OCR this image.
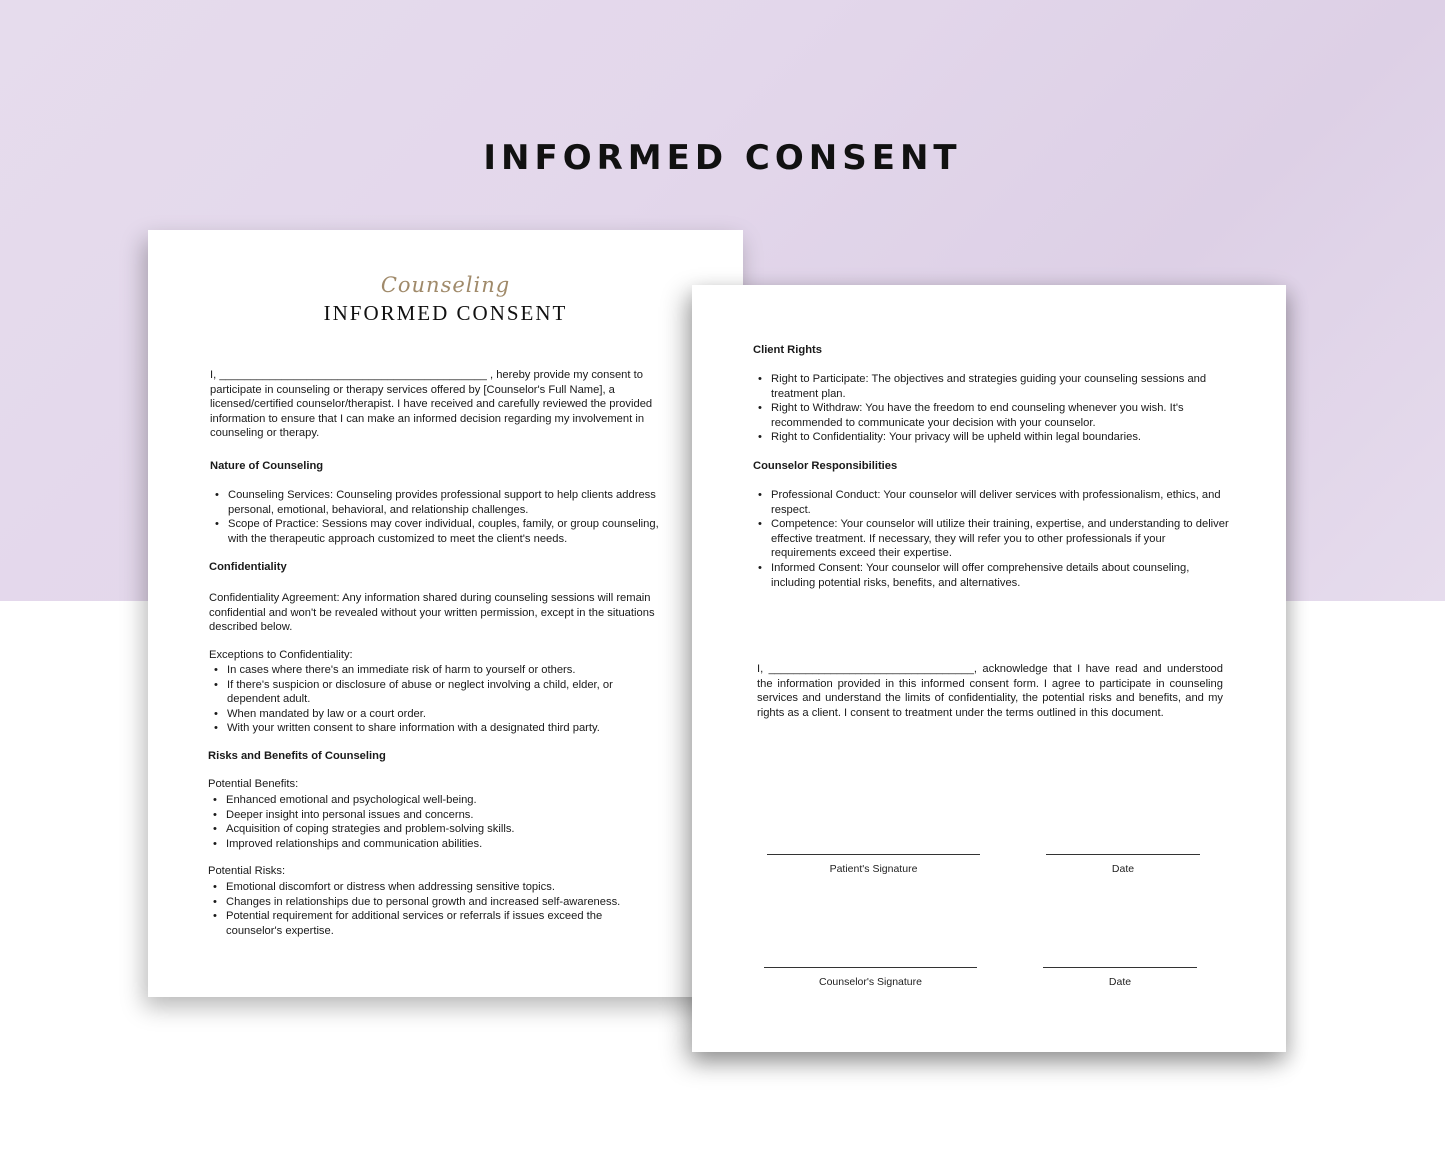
INFORMED CONSENT
Counseling
INFORMED CONSENT
I, ___________________________________________ , hereby provide my consent to participate in counseling or therapy services offered by [Counselor's Full Name], a licensed/certified counselor/therapist. I have received and carefully reviewed the provided information to ensure that I can make an informed decision regarding my involvement in counseling or therapy.
Nature of Counseling
• Counseling Services: Counseling provides professional support to help clients address personal, emotional, behavioral, and relationship challenges.
• Scope of Practice: Sessions may cover individual, couples, family, or group counseling, with the therapeutic approach customized to meet the client's needs.
Confidentiality
Confidentiality Agreement: Any information shared during counseling sessions will remain confidential and won't be revealed without your written permission, except in the situations described below.
Exceptions to Confidentiality:
• In cases where there's an immediate risk of harm to yourself or others.
• If there's suspicion or disclosure of abuse or neglect involving a child, elder, or dependent adult.
• When mandated by law or a court order.
• With your written consent to share information with a designated third party.
Risks and Benefits of Counseling
Potential Benefits:
• Enhanced emotional and psychological well-being.
• Deeper insight into personal issues and concerns.
• Acquisition of coping strategies and problem-solving skills.
• Improved relationships and communication abilities.
Potential Risks:
• Emotional discomfort or distress when addressing sensitive topics.
• Changes in relationships due to personal growth and increased self-awareness.
• Potential requirement for additional services or referrals if issues exceed the counselor's expertise.
Client Rights
• Right to Participate: The objectives and strategies guiding your counseling sessions and treatment plan.
• Right to Withdraw: You have the freedom to end counseling whenever you wish. It's recommended to communicate your decision with your counselor.
• Right to Confidentiality: Your privacy will be upheld within legal boundaries.
Counselor Responsibilities
• Professional Conduct: Your counselor will deliver services with professionalism, ethics, and respect.
• Competence: Your counselor will utilize their training, expertise, and understanding to deliver effective treatment. If necessary, they will refer you to other professionals if your requirements exceed their expertise.
• Informed Consent: Your counselor will offer comprehensive details about counseling, including potential risks, benefits, and alternatives.
I, _________________________________, acknowledge that I have read and understood the information provided in this informed consent form. I agree to participate in counseling services and understand the limits of confidentiality, the potential risks and benefits, and my rights as a client. I consent to treatment under the terms outlined in this document.
Patient's Signature	Date
Counselor's Signature	Date
